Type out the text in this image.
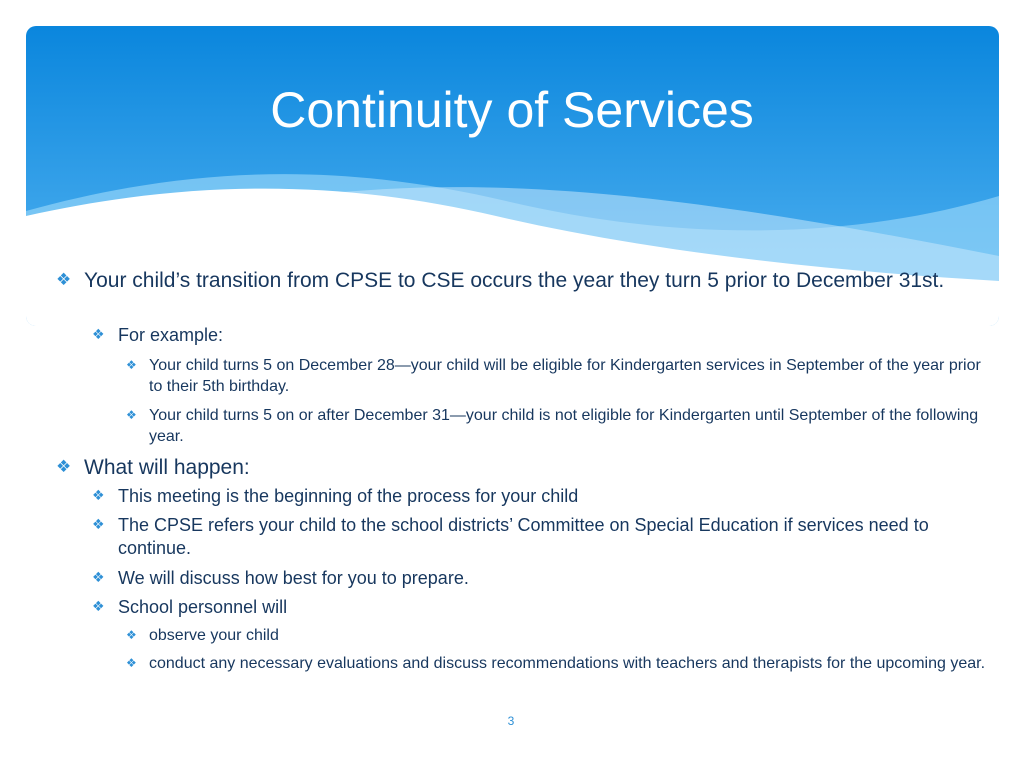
Continuity of Services
❖ Your child’s transition from CPSE to CSE occurs the year they turn 5 prior to December 31st.
❖ For example:
❖ Your child turns 5 on December 28—your child will be eligible for Kindergarten services in September of the year prior to their 5th birthday.
❖ Your child turns 5 on or after December 31—your child is not eligible for Kindergarten until September of the following year.
❖ What will happen:
❖ This meeting is the beginning of the process for your child
❖ The CPSE refers your child to the school districts’ Committee on Special Education if services need to continue.
❖ We will discuss how best for you to prepare.
❖ School personnel will
❖ observe your child
❖ conduct any necessary evaluations and discuss recommendations with teachers and therapists for the upcoming year.
3
